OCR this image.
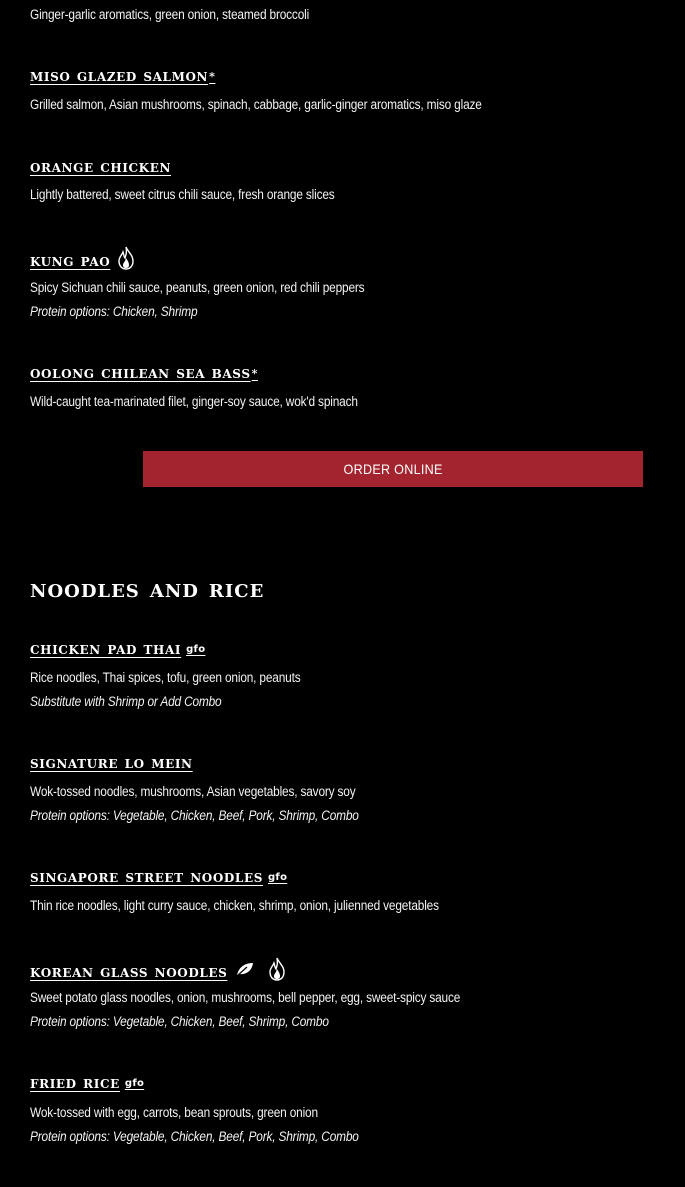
Ginger-garlic aromatics, green onion, steamed broccoli
miso glazed salmon *
Grilled salmon, Asian mushrooms, spinach, cabbage, garlic-ginger aromatics, miso glaze
orange chicken
Lightly battered, sweet citrus chili sauce, fresh orange slices
kung pao
Spicy Sichuan chili sauce, peanuts, green onion, red chili peppers
Protein options: Chicken, Shrimp
oolong chilean sea bass *
Wild-caught tea-marinated filet, ginger-soy sauce, wok'd spinach
ORDER ONLINE
noodles and rice
chicken pad thai gfo
Rice noodles, Thai spices, tofu, green onion, peanuts
Substitute with Shrimp or Add Combo
signature lo mein
Wok-tossed noodles, mushrooms, Asian vegetables, savory soy
Protein options: Vegetable, Chicken, Beef, Pork, Shrimp, Combo
singapore street noodles gfo
Thin rice noodles, light curry sauce, chicken, shrimp, onion, julienned vegetables
korean glass noodles
Sweet potato glass noodles, onion, mushrooms, bell pepper, egg, sweet-spicy sauce
Protein options: Vegetable, Chicken, Beef, Shrimp, Combo
fried rice gfo
Wok-tossed with egg, carrots, bean sprouts, green onion
Protein options: Vegetable, Chicken, Beef, Pork, Shrimp, Combo
